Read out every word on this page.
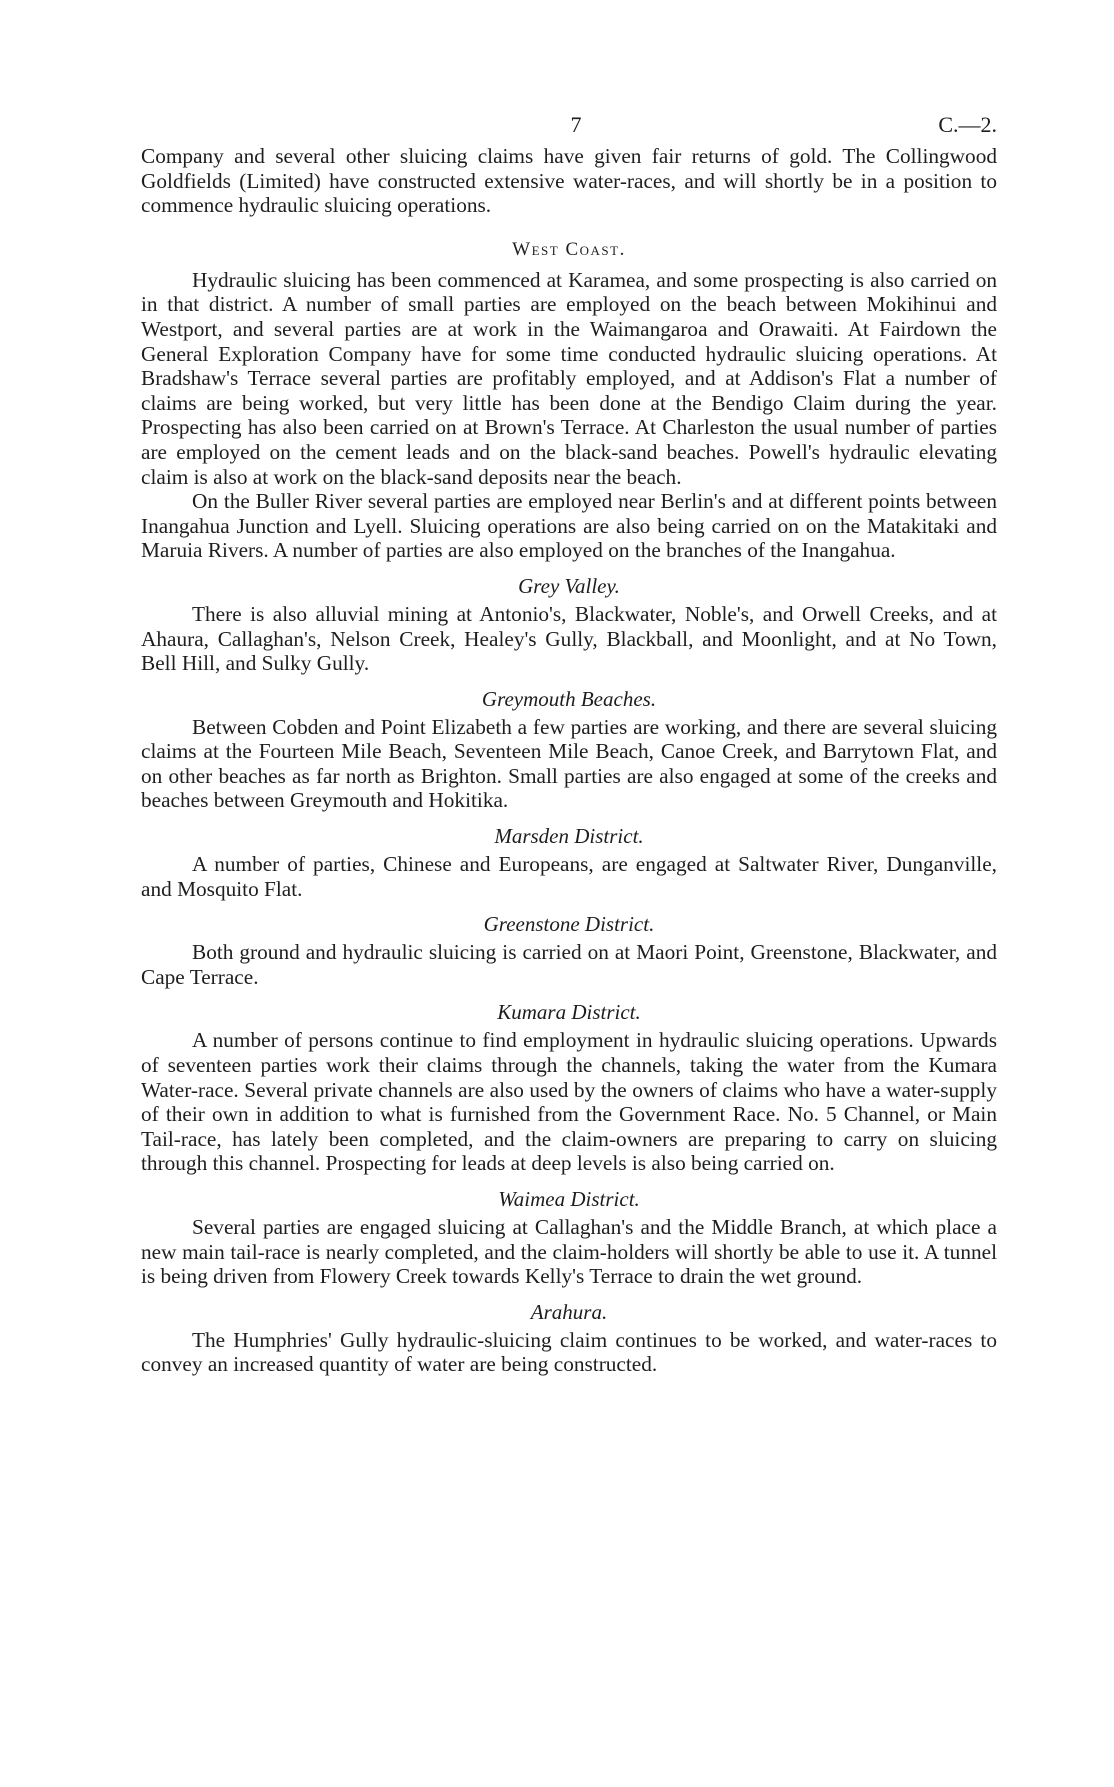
7	C.—2.

Company and several other sluicing claims have given fair returns of gold. The Collingwood Goldfields (Limited) have constructed extensive water-races, and will shortly be in a position to commence hydraulic sluicing operations.

West Coast.

Hydraulic sluicing has been commenced at Karamea, and some prospecting is also carried on in that district. A number of small parties are employed on the beach between Mokihinui and Westport, and several parties are at work in the Waimangaroa and Orawaiti. At Fairdown the General Exploration Company have for some time conducted hydraulic sluicing operations. At Bradshaw's Terrace several parties are profitably employed, and at Addison's Flat a number of claims are being worked, but very little has been done at the Bendigo Claim during the year. Prospecting has also been carried on at Brown's Terrace. At Charleston the usual number of parties are employed on the cement leads and on the black-sand beaches. Powell's hydraulic elevating claim is also at work on the black-sand deposits near the beach.

On the Buller River several parties are employed near Berlin's and at different points between Inangahua Junction and Lyell. Sluicing operations are also being carried on on the Matakitaki and Maruia Rivers. A number of parties are also employed on the branches of the Inangahua.

Grey Valley.

There is also alluvial mining at Antonio's, Blackwater, Noble's, and Orwell Creeks, and at Ahaura, Callaghan's, Nelson Creek, Healey's Gully, Blackball, and Moonlight, and at No Town, Bell Hill, and Sulky Gully.

Greymouth Beaches.

Between Cobden and Point Elizabeth a few parties are working, and there are several sluicing claims at the Fourteen Mile Beach, Seventeen Mile Beach, Canoe Creek, and Barrytown Flat, and on other beaches as far north as Brighton. Small parties are also engaged at some of the creeks and beaches between Greymouth and Hokitika.

Marsden District.

A number of parties, Chinese and Europeans, are engaged at Saltwater River, Dunganville, and Mosquito Flat.

Greenstone District.

Both ground and hydraulic sluicing is carried on at Maori Point, Greenstone, Blackwater, and Cape Terrace.

Kumara District.

A number of persons continue to find employment in hydraulic sluicing operations. Upwards of seventeen parties work their claims through the channels, taking the water from the Kumara Water-race. Several private channels are also used by the owners of claims who have a water-supply of their own in addition to what is furnished from the Government Race. No. 5 Channel, or Main Tail-race, has lately been completed, and the claim-owners are preparing to carry on sluicing through this channel. Prospecting for leads at deep levels is also being carried on.

Waimea District.

Several parties are engaged sluicing at Callaghan's and the Middle Branch, at which place a new main tail-race is nearly completed, and the claim-holders will shortly be able to use it. A tunnel is being driven from Flowery Creek towards Kelly's Terrace to drain the wet ground.

Arahura.

The Humphries' Gully hydraulic-sluicing claim continues to be worked, and water-races to convey an increased quantity of water are being constructed.
